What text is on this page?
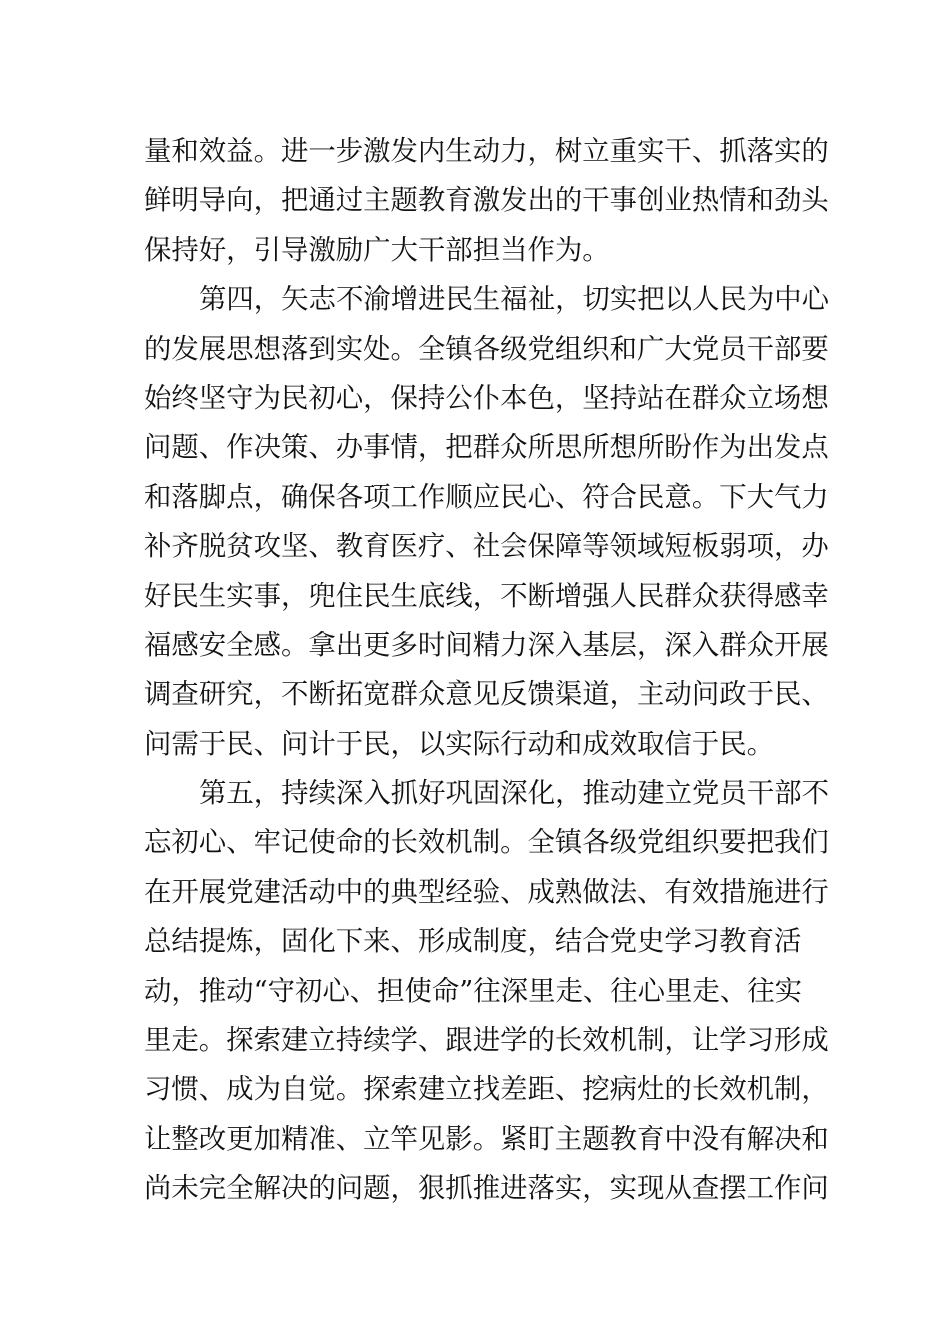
量和效益。进一步激发内生动力，树立重实干、抓落实的
鲜明导向，把通过主题教育激发出的干事创业热情和劲头
保持好，引导激励广大干部担当作为。
第四，矢志不渝增进民生福祉，切实把以人民为中心
的发展思想落到实处。全镇各级党组织和广大党员干部要
始终坚守为民初心，保持公仆本色，坚持站在群众立场想
问题、作决策、办事情，把群众所思所想所盼作为出发点
和落脚点，确保各项工作顺应民心、符合民意。下大气力
补齐脱贫攻坚、教育医疗、社会保障等领域短板弱项，办
好民生实事，兜住民生底线，不断增强人民群众获得感幸
福感安全感。拿出更多时间精力深入基层，深入群众开展
调查研究，不断拓宽群众意见反馈渠道，主动问政于民、
问需于民、问计于民，以实际行动和成效取信于民。
第五，持续深入抓好巩固深化，推动建立党员干部不
忘初心、牢记使命的长效机制。全镇各级党组织要把我们
在开展党建活动中的典型经验、成熟做法、有效措施进行
总结提炼，固化下来、形成制度，结合党史学习教育活
动，推动“守初心、担使命”往深里走、往心里走、往实
里走。探索建立持续学、跟进学的长效机制，让学习形成
习惯、成为自觉。探索建立找差距、挖病灶的长效机制，
让整改更加精准、立竿见影。紧盯主题教育中没有解决和
尚未完全解决的问题，狠抓推进落实，实现从查摆工作问
